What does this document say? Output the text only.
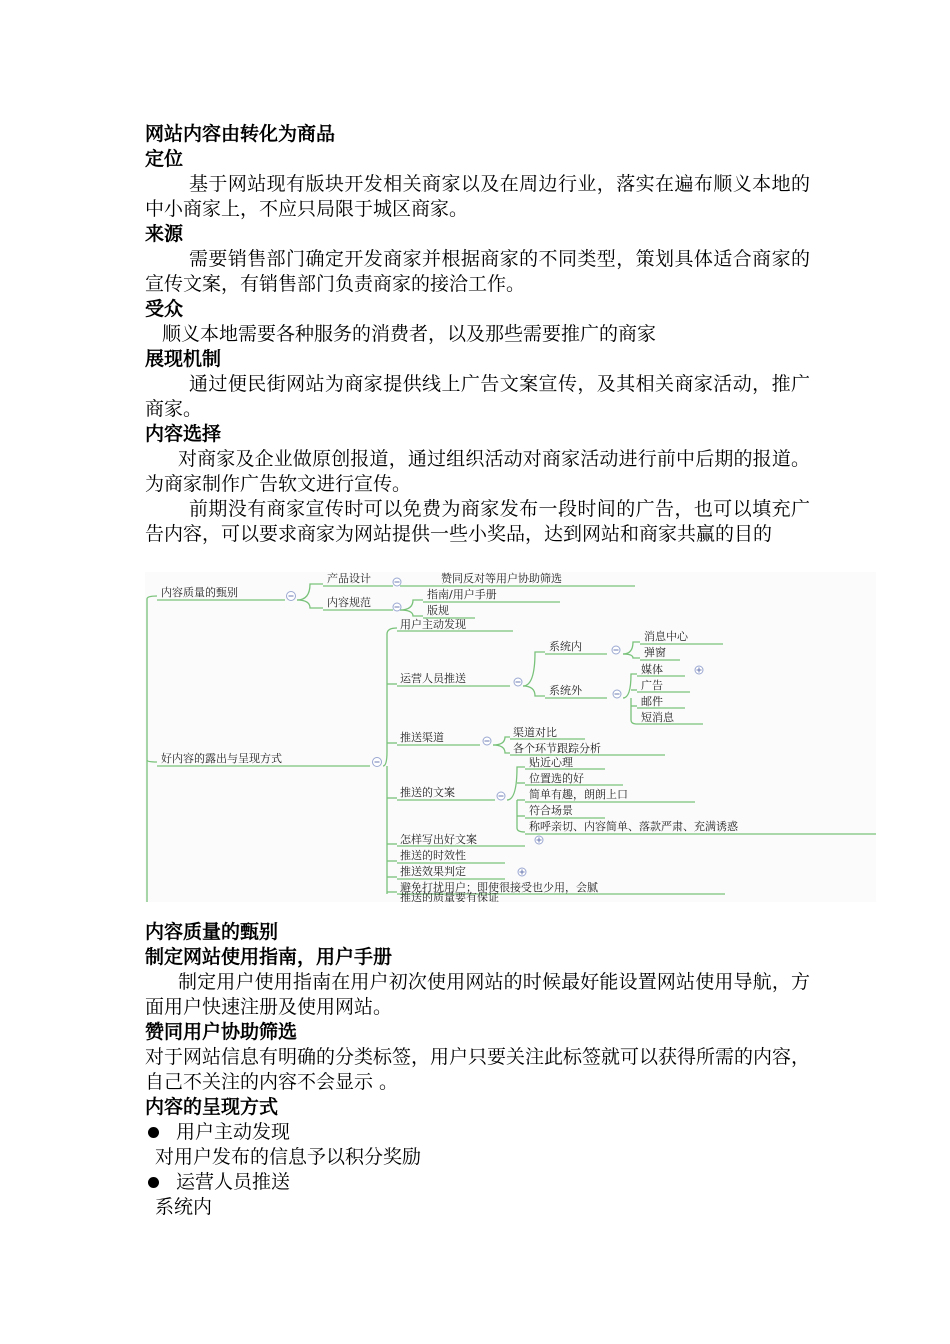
网站内容由转化为商品

定位

基于网站现有版块开发相关商家以及在周边行业，落实在遍布顺义本地的中小商家上，不应只局限于城区商家。

来源

需要销售部门确定开发商家并根据商家的不同类型，策划具体适合商家的宣传文案，有销售部门负责商家的接洽工作。

受众

顺义本地需要各种服务的消费者，以及那些需要推广的商家

展现机制

通过便民街网站为商家提供线上广告文案宣传，及其相关商家活动，推广商家。

内容选择

对商家及企业做原创报道，通过组织活动对商家活动进行前中后期的报道。为商家制作广告软文进行宣传。

前期没有商家宣传时可以免费为商家发布一段时间的广告，也可以填充广告内容，可以要求商家为网站提供一些小奖品，达到网站和商家共赢的目的

内容质量的甄别
产品设计	赞同反对等用户协助筛选
内容规范
指南/用户手册
版规
好内容的露出与呈现方式
用户主动发现
运营人员推送
系统内
消息中心
弹窗
系统外
媒体
广告
邮件
短消息
推送渠道	渠道对比
各个环节跟踪分析
推送的文案
贴近心理
位置选的好
简单有趣，朗朗上口
符合场景
称呼亲切、内容简单、落款严肃、充满诱惑
怎样写出好文案
推送的时效性
推送效果判定
避免打扰用户；即使很接受也少用，会腻
推送的质量要有保证

内容质量的甄别

制定网站使用指南，用户手册

制定用户使用指南在用户初次使用网站的时候最好能设置网站使用导航，方面用户快速注册及使用网站。

赞同用户协助筛选

对于网站信息有明确的分类标签，用户只要关注此标签就可以获得所需的内容，自己不关注的内容不会显示 。

内容的呈现方式

用户主动发现

对用户发布的信息予以积分奖励

运营人员推送

系统内
